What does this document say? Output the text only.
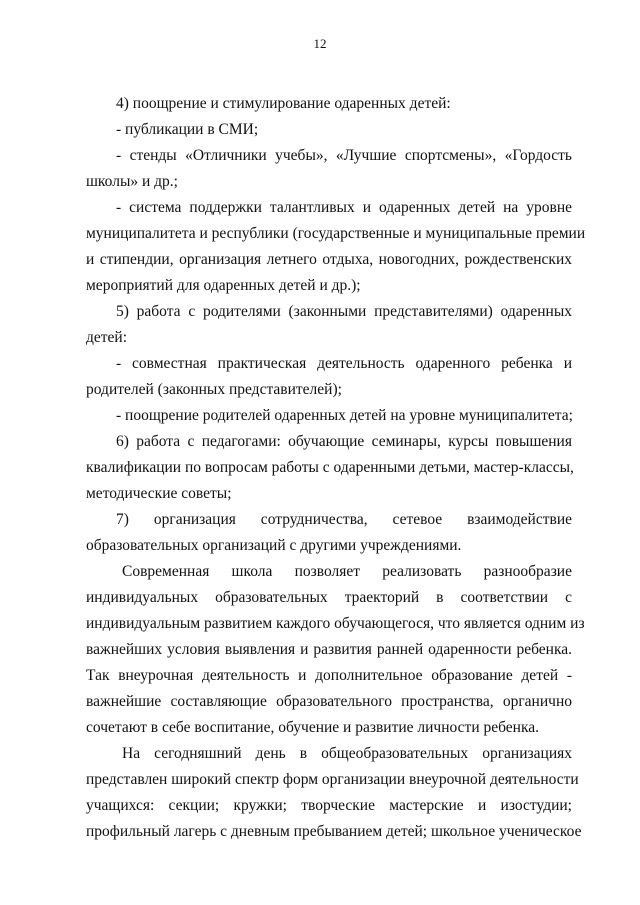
12
4) поощрение и стимулирование одаренных детей:
- публикации в СМИ;
- стенды «Отличники учебы», «Лучшие спортсмены», «Гордость
школы» и др.;
- система поддержки талантливых и одаренных детей на уровне
муниципалитета и республики (государственные и муниципальные премии
и стипендии, организация летнего отдыха, новогодних, рождественских
мероприятий для одаренных детей и др.);
5) работа с родителями (законными представителями) одаренных
детей:
- совместная практическая деятельность одаренного ребенка и
родителей (законных представителей);
- поощрение родителей одаренных детей на уровне муниципалитета;
6) работа с педагогами: обучающие семинары, курсы повышения
квалификации по вопросам работы с одаренными детьми, мастер-классы,
методические советы;
7) организация сотрудничества, сетевое взаимодействие
образовательных организаций с другими учреждениями.
Современная школа позволяет реализовать разнообразие
индивидуальных образовательных траекторий в соответствии с
индивидуальным развитием каждого обучающегося, что является одним из
важнейших условия выявления и развития ранней одаренности ребенка.
Так внеурочная деятельность и дополнительное образование детей -
важнейшие составляющие образовательного пространства, органично
сочетают в себе воспитание, обучение и развитие личности ребенка.
На сегодняшний день в общеобразовательных организациях
представлен широкий спектр форм организации внеурочной деятельности
учащихся: секции; кружки; творческие мастерские и изостудии;
профильный лагерь с дневным пребыванием детей; школьное ученическое
